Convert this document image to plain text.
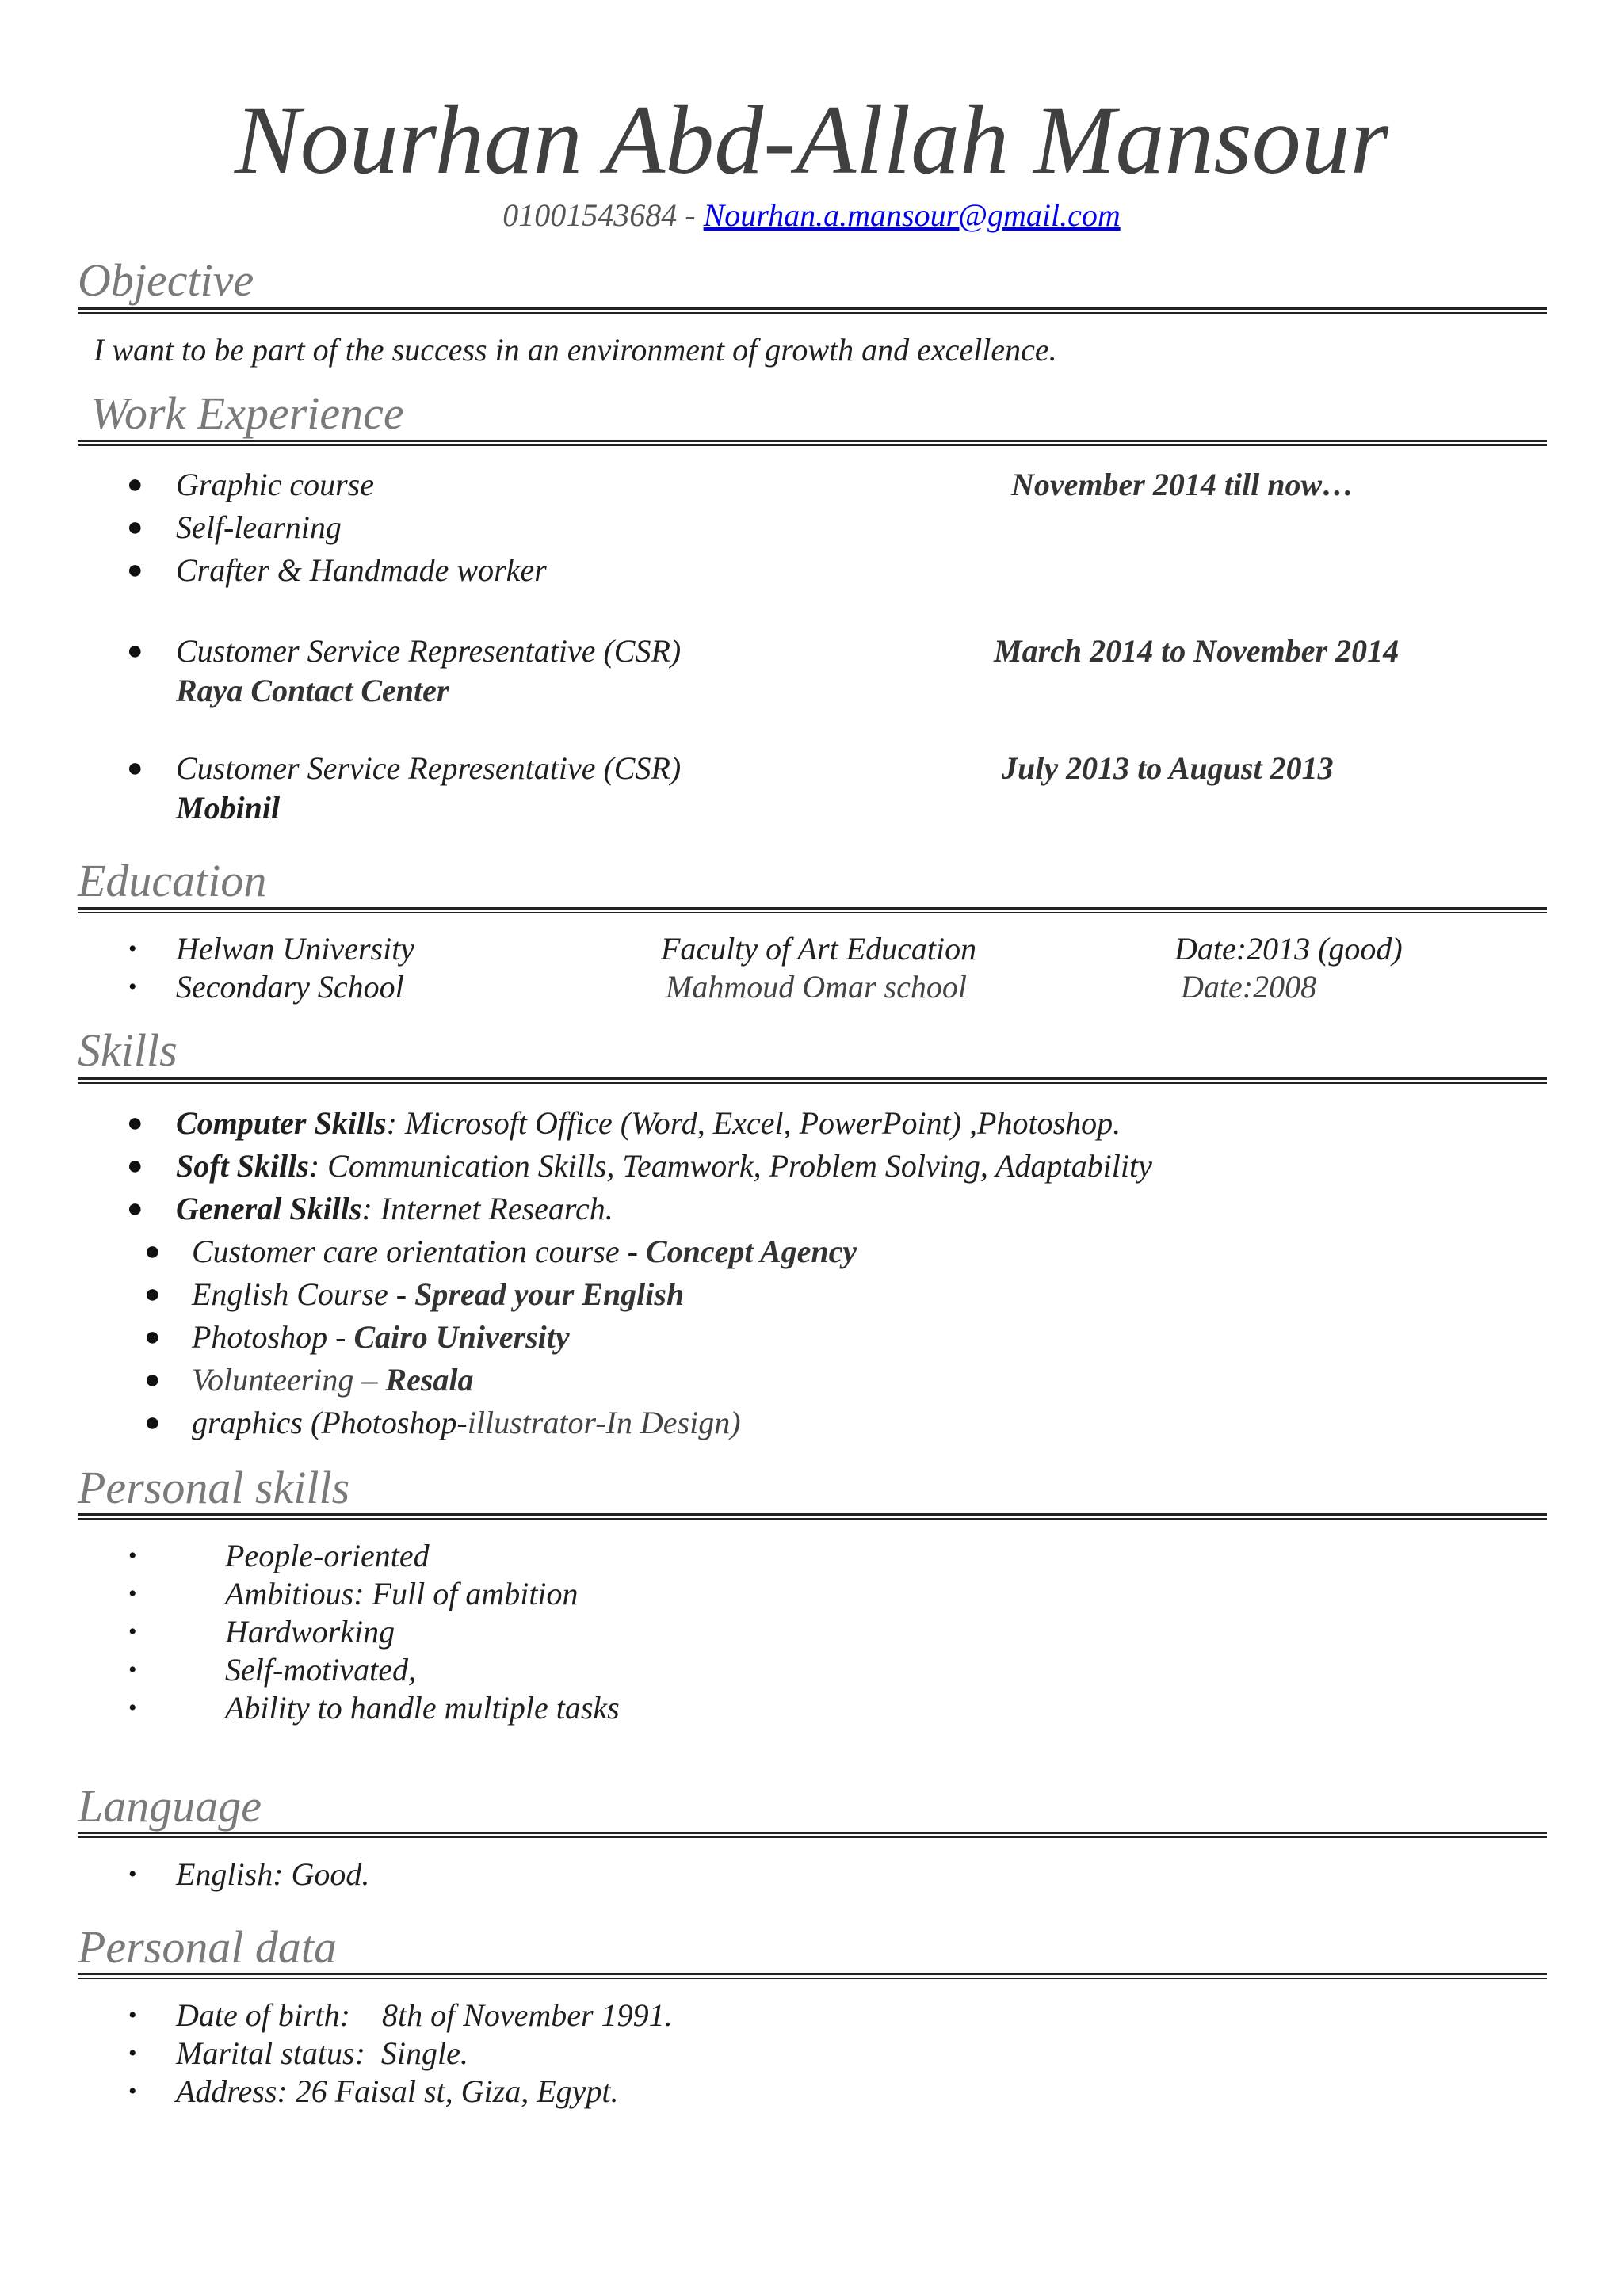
Nourhan Abd-Allah Mansour
01001543684 - Nourhan.a.mansour@gmail.com
Objective
I want to be part of the success in an environment of growth and excellence.
Work Experience
● Graphic course	November 2014 till now…
● Self-learning
● Crafter & Handmade worker
● Customer Service Representative (CSR)	March 2014 to November 2014
Raya Contact Center
● Customer Service Representative (CSR)	July 2013 to August 2013
Mobinil
Education
• Helwan University	Faculty of Art Education	Date:2013 (good)
• Secondary School	Mahmoud Omar school	Date:2008
Skills
● Computer Skills: Microsoft Office (Word, Excel, PowerPoint) ,Photoshop.
● Soft Skills: Communication Skills, Teamwork, Problem Solving, Adaptability
● General Skills: Internet Research.
● Customer care orientation course - Concept Agency
● English Course - Spread your English
● Photoshop - Cairo University
● Volunteering – Resala
● graphics (Photoshop-illustrator-In Design)
Personal skills
•	People-oriented
•	Ambitious: Full of ambition
•	Hardworking
•	Self-motivated,
•	Ability to handle multiple tasks
Language
• English: Good.
Personal data
• Date of birth:    8th of November 1991.
• Marital status:  Single.
• Address: 26 Faisal st, Giza, Egypt.
